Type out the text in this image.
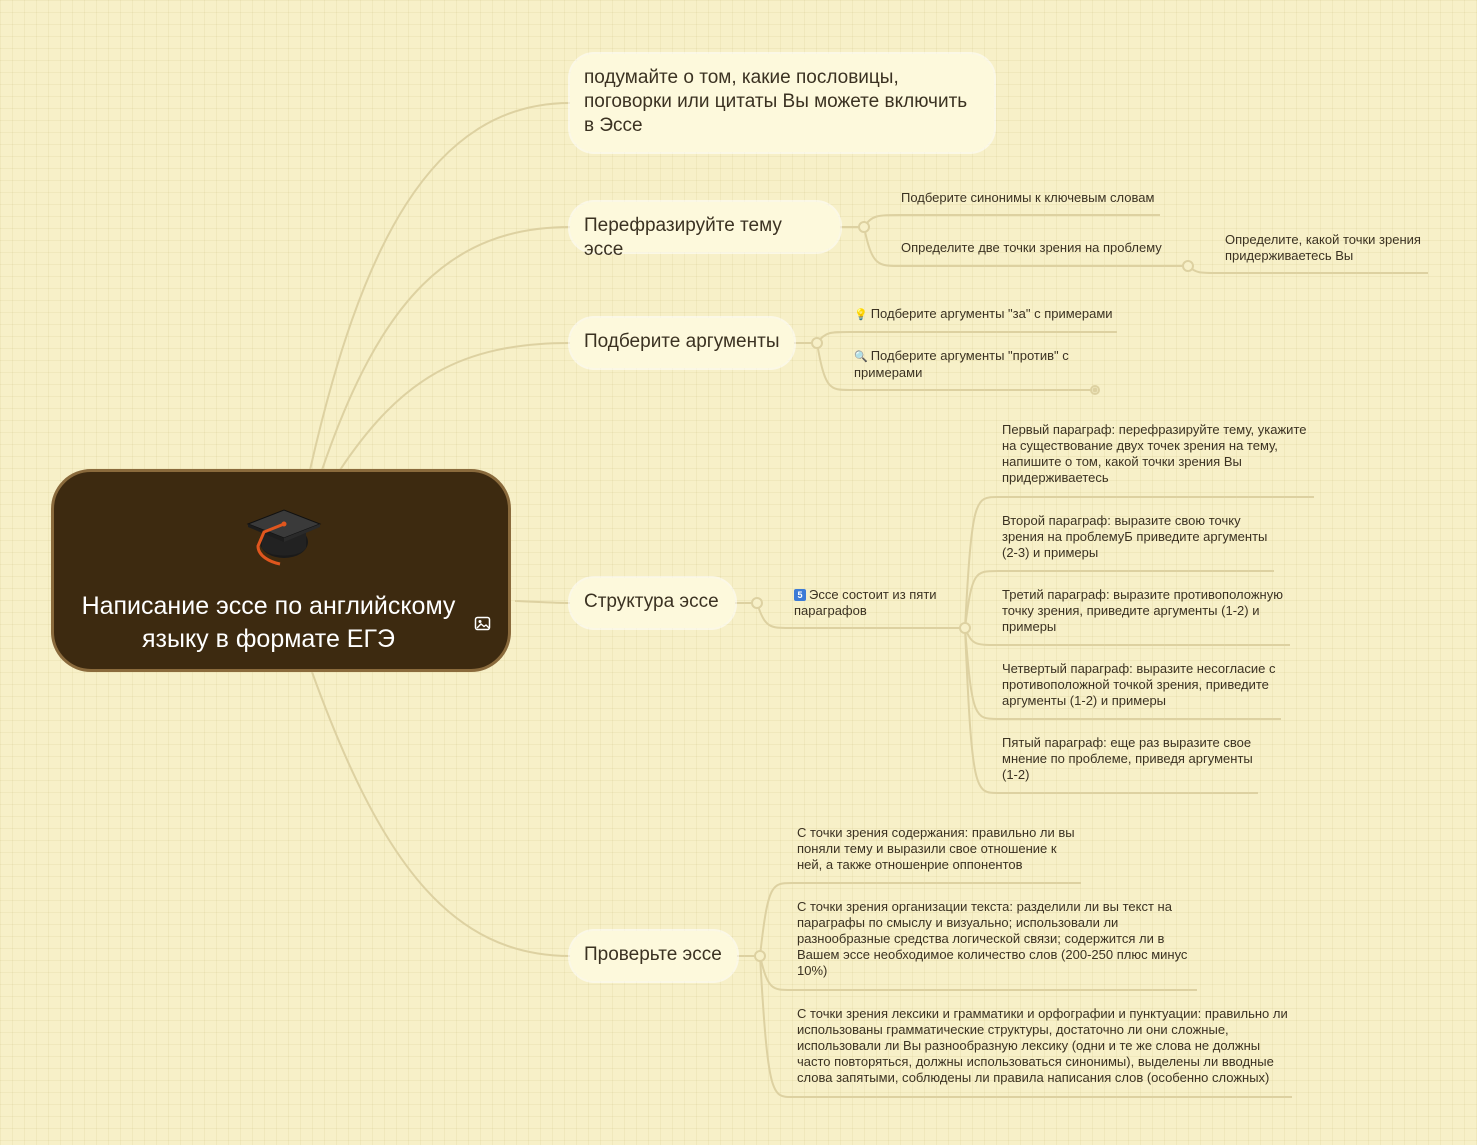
Написание эссе по английскому языку в формате ЕГЭ
подумайте о том, какие пословицы, поговорки или цитаты Вы можете включить в Эссе
Перефразируйте тему эссе
Подберите аргументы
Структура эссе
Проверьте эссе
Подберите синонимы к ключевым словам
Определите две точки зрения на проблему
Определите, какой точки зрения придерживаетесь Вы
💡 Подберите аргументы "за" с примерами
🔍 Подберите аргументы "против" с примерами
5 Эссе состоит из пяти параграфов
Первый параграф: перефразируйте тему, укажите на существование двух точек зрения на тему, напишите о том, какой точки зрения Вы придерживаетесь
Второй параграф: выразите свою точку зрения на проблемуБ приведите аргументы (2-3) и примеры
Третий параграф: выразите противоположную точку зрения, приведите аргументы (1-2) и примеры
Четвертый параграф: выразите несогласие с противоположной точкой зрения, приведите аргументы (1-2) и примеры
Пятый параграф: еще раз выразите свое мнение по проблеме, приведя аргументы (1-2)
С точки зрения содержания: правильно ли вы поняли тему и выразили свое отношение к ней, а также отношенрие оппонентов
С точки зрения организации текста: разделили ли вы текст на параграфы по смыслу и визуально; использовали ли разнообразные средства логической связи; содержится ли в Вашем эссе необходимое количество слов (200-250 плюс минус 10%)
С точки зрения лексики и грамматики и орфографии и пунктуации: правильно ли использованы грамматические структуры, достаточно ли они сложные, использовали ли Вы разнообразную лексику (одни и те же слова не должны часто повторяться, должны использоваться синонимы), выделены ли вводные слова запятыми, соблюдены ли правила написания слов (особенно сложных)
